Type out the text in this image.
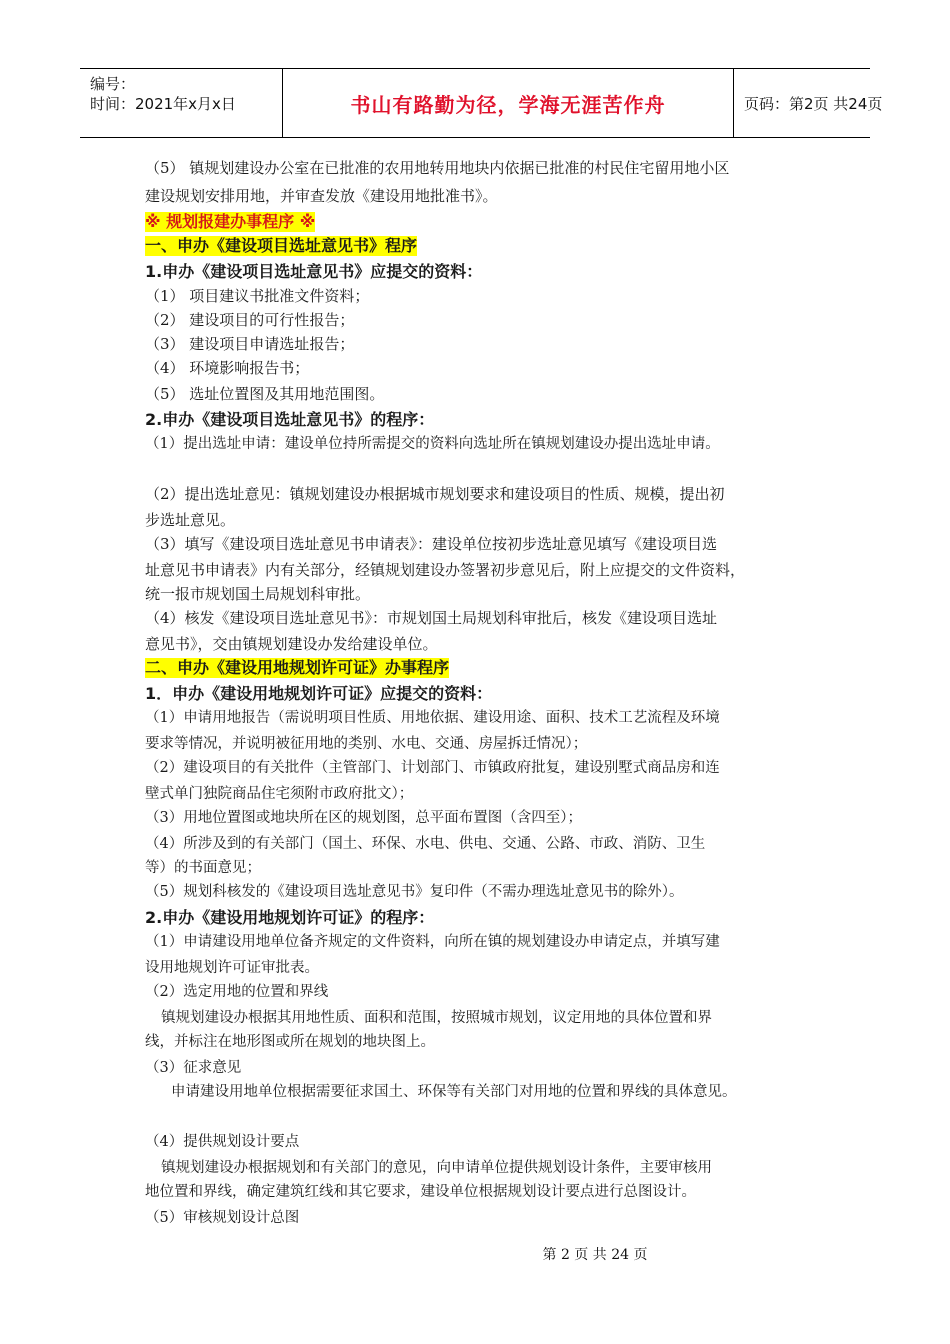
编号：
时间：2021年x月x日	书山有路勤为径，学海无涯苦作舟	页码：第2页 共24页
（5） 镇规划建设办公室在已批准的农用地转用地块内依据已批准的村民住宅留用地小区
建设规划安排用地，并审查发放《建设用地批准书》。
※ 规划报建办事程序 ※
一、申办《建设项目选址意见书》程序
1.申办《建设项目选址意见书》应提交的资料：
（1） 项目建议书批准文件资料；
（2） 建设项目的可行性报告；
（3） 建设项目申请选址报告；
（4） 环境影响报告书；
（5） 选址位置图及其用地范围图。
2.申办《建设项目选址意见书》的程序：
（1）提出选址申请：建设单位持所需提交的资料向选址所在镇规划建设办提出选址申请。
（2）提出选址意见：镇规划建设办根据城市规划要求和建设项目的性质、规模，提出初
步选址意见。
（3）填写《建设项目选址意见书申请表》：建设单位按初步选址意见填写《建设项目选
址意见书申请表》内有关部分，经镇规划建设办签署初步意见后，附上应提交的文件资料，
统一报市规划国土局规划科审批。
（4）核发《建设项目选址意见书》：市规划国土局规划科审批后，核发《建设项目选址
意见书》，交由镇规划建设办发给建设单位。
二、申办《建设用地规划许可证》办事程序
1．申办《建设用地规划许可证》应提交的资料：
（1）申请用地报告（需说明项目性质、用地依据、建设用途、面积、技术工艺流程及环境
要求等情况，并说明被征用地的类别、水电、交通、房屋拆迁情况）；
（2）建设项目的有关批件（主管部门、计划部门、市镇政府批复，建设别墅式商品房和连
壁式单门独院商品住宅须附市政府批文）；
（3）用地位置图或地块所在区的规划图，总平面布置图（含四至）；
（4）所涉及到的有关部门（国土、环保、水电、供电、交通、公路、市政、消防、卫生
等）的书面意见；
（5）规划科核发的《建设项目选址意见书》复印件（不需办理选址意见书的除外）。
2.申办《建设用地规划许可证》的程序：
（1）申请建设用地单位备齐规定的文件资料，向所在镇的规划建设办申请定点，并填写建
设用地规划许可证审批表。
（2）选定用地的位置和界线
镇规划建设办根据其用地性质、面积和范围，按照城市规划，议定用地的具体位置和界
线，并标注在地形图或所在规划的地块图上。
（3）征求意见
申请建设用地单位根据需要征求国土、环保等有关部门对用地的位置和界线的具体意见。
（4）提供规划设计要点
镇规划建设办根据规划和有关部门的意见，向申请单位提供规划设计条件，主要审核用
地位置和界线，确定建筑红线和其它要求，建设单位根据规划设计要点进行总图设计。
（5）审核规划设计总图
第 2 页 共 24 页
